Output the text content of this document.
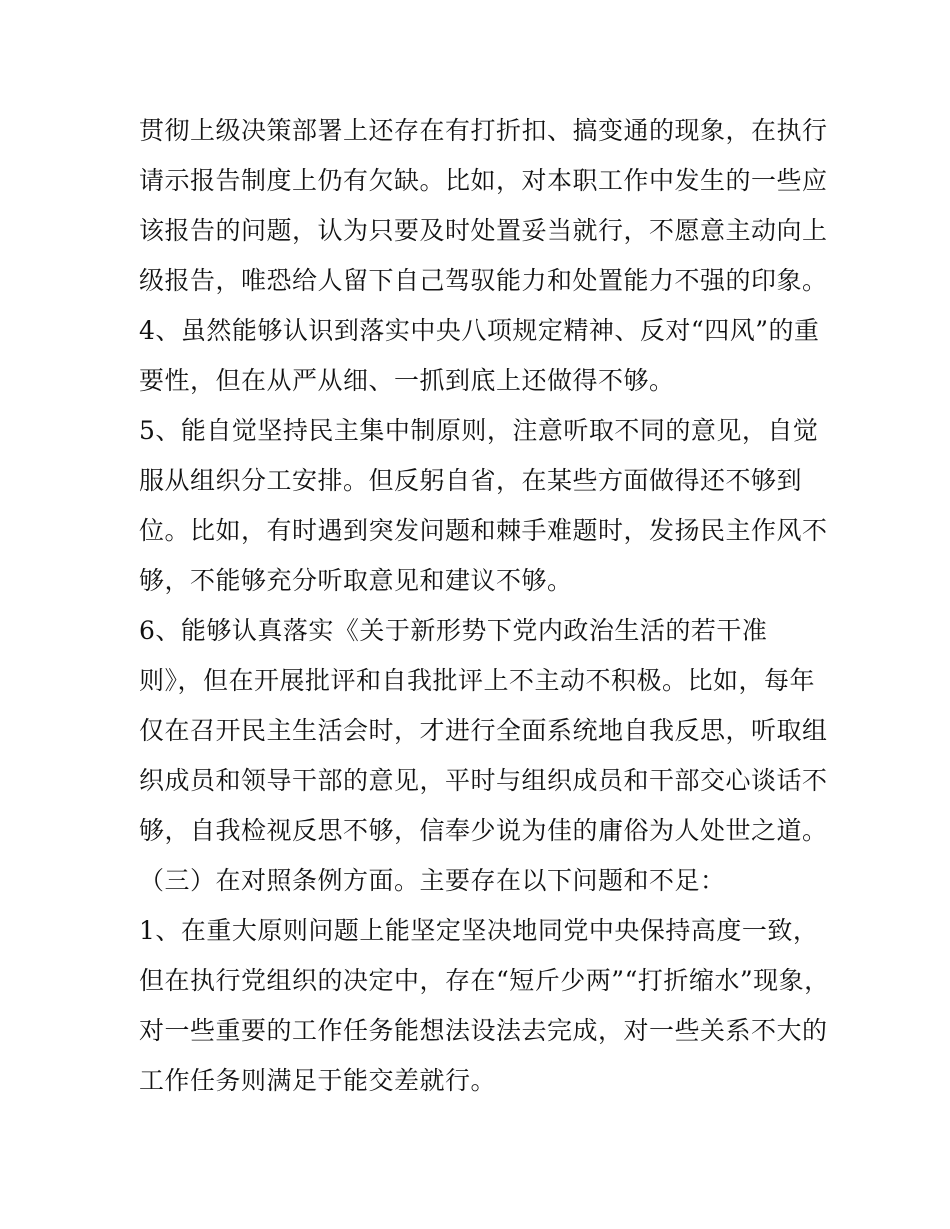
贯彻上级决策部署上还存在有打折扣、搞变通的现象，在执行

请示报告制度上仍有欠缺。比如，对本职工作中发生的一些应

该报告的问题，认为只要及时处置妥当就行，不愿意主动向上

级报告，唯恐给人留下自己驾驭能力和处置能力不强的印象。

4、虽然能够认识到落实中央八项规定精神、反对“四风”的重

要性，但在从严从细、一抓到底上还做得不够。

5、能自觉坚持民主集中制原则，注意听取不同的意见，自觉

服从组织分工安排。但反躬自省，在某些方面做得还不够到

位。比如，有时遇到突发问题和棘手难题时，发扬民主作风不

够，不能够充分听取意见和建议不够。

6、能够认真落实《关于新形势下党内政治生活的若干准

则》，但在开展批评和自我批评上不主动不积极。比如，每年

仅在召开民主生活会时，才进行全面系统地自我反思，听取组

织成员和领导干部的意见，平时与组织成员和干部交心谈话不

够，自我检视反思不够，信奉少说为佳的庸俗为人处世之道。

（三）在对照条例方面。主要存在以下问题和不足：

1、在重大原则问题上能坚定坚决地同党中央保持高度一致，

但在执行党组织的决定中，存在“短斤少两”“打折缩水”现象，

对一些重要的工作任务能想法设法去完成，对一些关系不大的

工作任务则满足于能交差就行。
